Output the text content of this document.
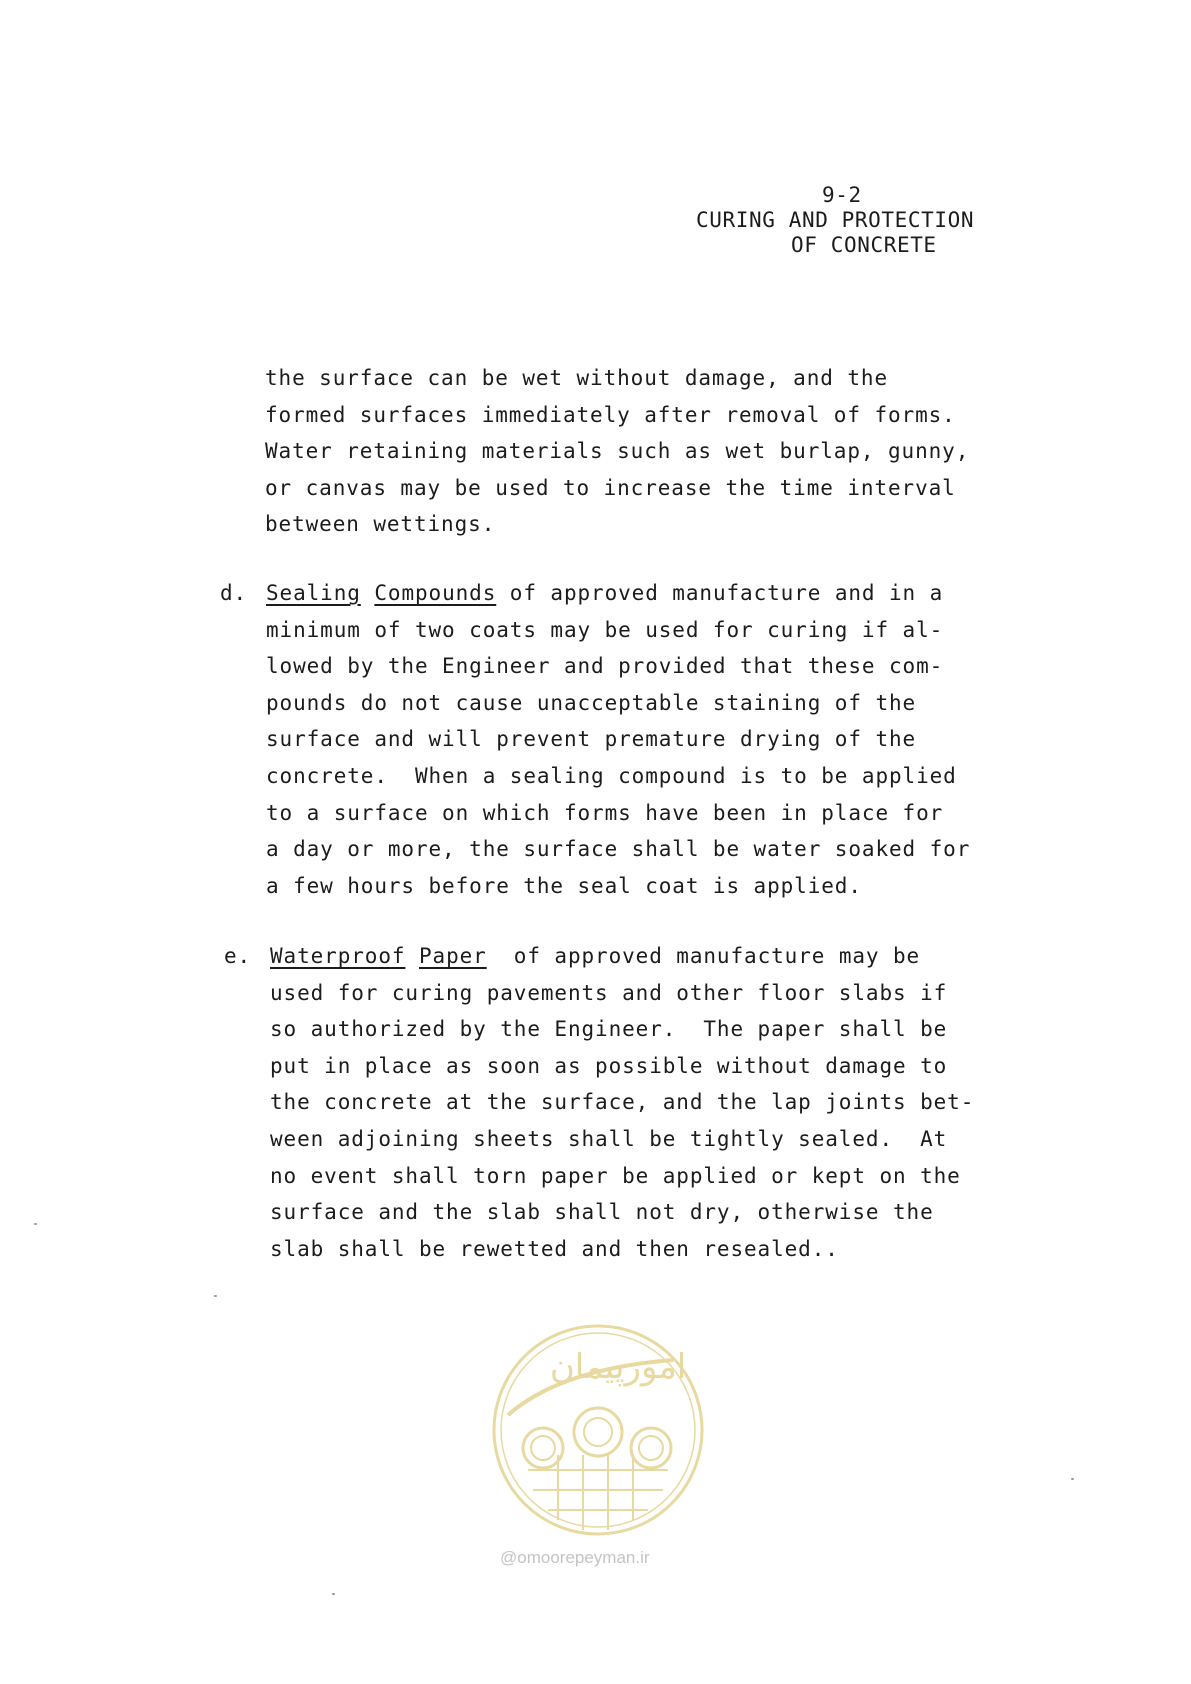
9-2
CURING AND PROTECTION
OF CONCRETE
the surface can be wet without damage, and the
formed surfaces immediately after removal of forms.
Water retaining materials such as wet burlap, gunny,
or canvas may be used to increase the time interval
between wettings.
d. Sealing Compounds of approved manufacture and in a
minimum of two coats may be used for curing if al-
lowed by the Engineer and provided that these com-
pounds do not cause unacceptable staining of the
surface and will prevent premature drying of the
concrete.  When a sealing compound is to be applied
to a surface on which forms have been in place for
a day or more, the surface shall be water soaked for
a few hours before the seal coat is applied.
e. Waterproof Paper  of approved manufacture may be
used for curing pavements and other floor slabs if
so authorized by the Engineer.  The paper shall be
put in place as soon as possible without damage to
the concrete at the surface, and the lap joints bet-
ween adjoining sheets shall be tightly sealed.  At
no event shall torn paper be applied or kept on the
surface and the slab shall not dry, otherwise the
slab shall be rewetted and then resealed..
امورپیمان
@omoorepeyman.ir
